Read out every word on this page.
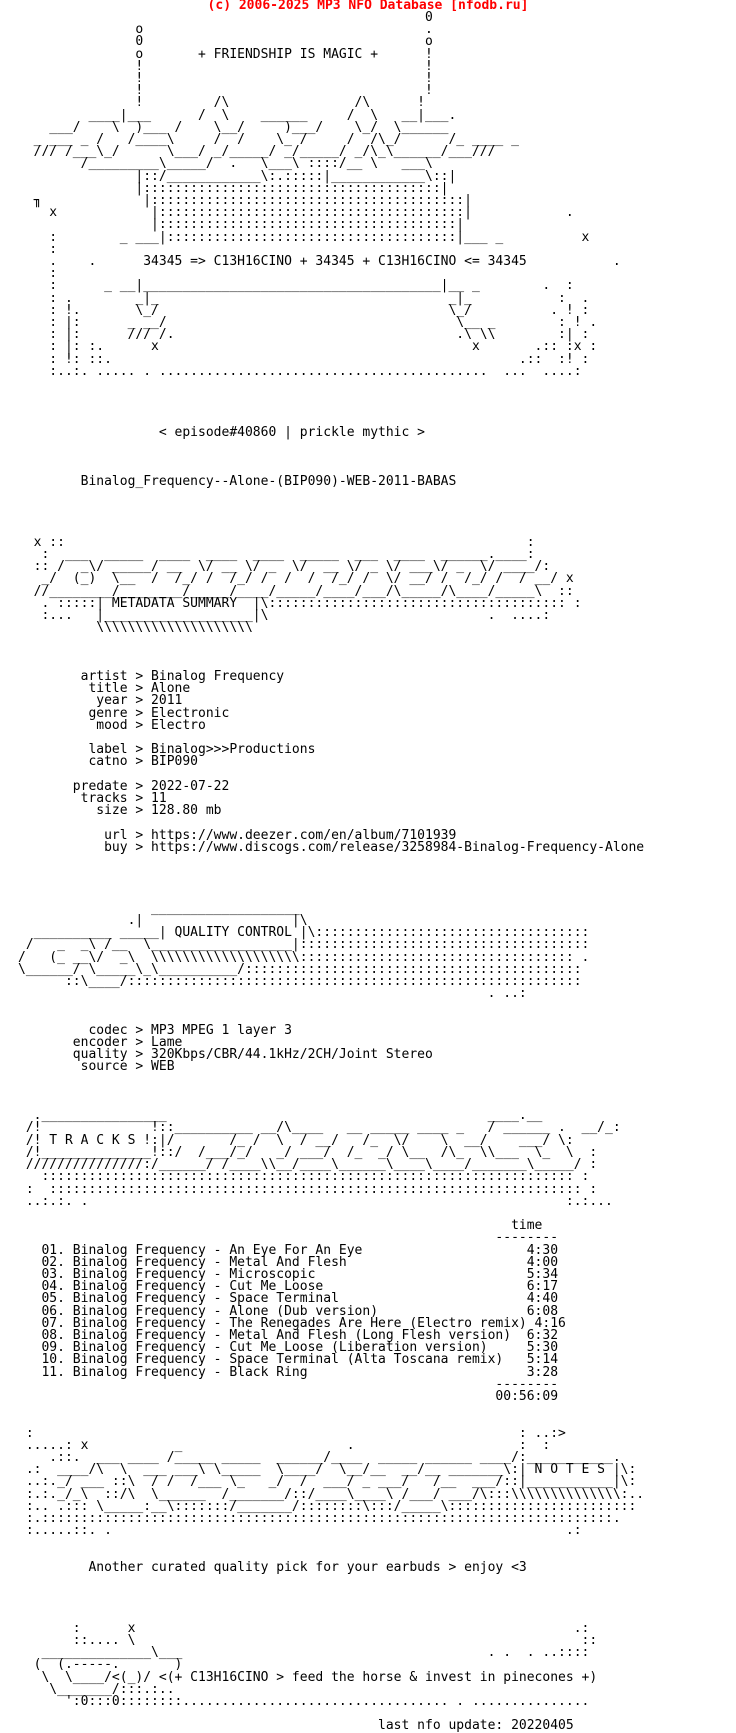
(c) 2006-2025 MP3 NFO Database [nfodb.ru]
0
o                                    .
0                                    o
o       + FRIENDSHIP IS MAGIC +      !
!                                    !
!                                    !
!                                    !
!         /\                /\      !
____|___      /  \    ______     /  \   __|___.
___/    \  )___ /    \__/     )___/    \_/  \______
_ ___ _ /   /____\     /  /    \_ /     /  /\_/      /_ ____ _
/// /___\_/      \___/ _/_____/ _/_____/ _/\_\______/___///
/_________\_____/  .   \___\ ::::/__ \   ___\
|::/____________\:.:::::|____________\::|
|::::::::::::::::::::::::::::::::::::::|
╖             |::::::::::::::::::::::::::::::::::::::::|
x            |:::::::::::::::::::::::::::::::::::::::|            .
|::::::::::::::::::::::::::::::::::::::|
:        _ ___|:::::::::::::::::::::::::::::::::::::|___ _          x
:
.    .      34345 => C13H16CINO + 34345 + C13H16CINO <= 34345           .
:
:      _ __|______________________________________|__ _        .  :
: .        _|_                                     _|_           :  .
: !.       \_/                                     \_/          . ! :
: |:      _ __/                                     \__ _        : ! .
: |:      /// /.                                    .\ \\        :| :
: |: :.      x                                        x       .:: :x :
: !: ::.                                                    .::  :! :
:..:. ..... . ..........................................  ...  ....:

< episode#40860 | prickle mythic >

Binalog_Frequency--Alone-(BIP090)-WEB-2011-BABAS

x ::                                                           :
:  ___  _____  ____  ____  ____  _____  ___  ____  ______.____:
:: /  _\/ _____/ __  \/ __ \/ _  \/  __ \/ _ \/ ___\/ _  \/ ____/:
_/  (_)  \__  /  /_/ /  /_/ /  /  /  /_/ /  \/ __/ /  /_/ /  / __/ x
//________/________/_____/____/_____/____/___/\_____/\____/_____\  ::
. :::::| METADATA SUMMARY  |\:::::::::::::::::::::::::::::::::::::: :
:...   |___________________|\                            .  ....:
\\\\\\\\\\\\\\\\\\\\

artist > Binalog Frequency
title > Alone
year > 2011
genre > Electronic
mood > Electro

label > Binalog>>>Productions
catno > BIP090

predate > 2022-07-22
tracks > 11
size > 128.80 mb

url > https://www.deezer.com/en/album/7101939
buy > https://www.discogs.com/release/3258984-Binalog-Frequency-Alone

___________________
.|                   |\
__________ _____| QUALITY CONTROL |\:::::::::::::::::::::::::::::::::::
/   _  _\ /__  \__________________|:::::::::::::::::::::::::::::::::::::
/   (_ __\/  _\  \\\\\\\\\\\\\\\\\\\::::::::::::::::::::::::::::::::::: .
\______/ \_____\_\__________/:::::::::::::::::::::::::::::::::::::::::::
::\____/::::::::::::::::::::::::::::::::::::::::::::::::::::::::::
. ..:

codec > MP3 MPEG 1 layer 3
encoder > Lame
quality > 320Kbps/CBR/44.1kHz/2CH/Joint Stereo
source > WEB

.________________                                         ____.__
/!              !::__________ __/\____   __ _____ ____ _   / ______ .  __/_:
/! T R A C K S !:|/       /_ /  \  / __/   /_  \/    \  __/    ___/ \:
/!______________!::/  /___/_/   _/ ___/  /_  _/ \__  /\_  \\___  \_  \  :
///////////////:/______/ /____\\__/____\______\____\____/_______\_____/ :
:::::::::::::::::::::::::::::::::::::::::::::::::::::::::::::::::::: :
:  :::::::::::::::::::::::::::::::::::::::::::::::::::::::::::::::::::: :
..:.:. .                                                             :.:...

time
--------
01. Binalog Frequency - An Eye For An Eye                     4:30
02. Binalog Frequency - Metal And Flesh                       4:00
03. Binalog Frequency - Microscopic                           5:34
04. Binalog Frequency - Cut Me Loose                          6:17
05. Binalog Frequency - Space Terminal                        4:40
06. Binalog Frequency - Alone (Dub version)                   6:08
07. Binalog Frequency - The Renegades Are Here (Electro remix) 4:16
08. Binalog Frequency - Metal And Flesh (Long Flesh version)  6:32
09. Binalog Frequency - Cut Me Loose (Liberation version)     5:30
10. Binalog Frequency - Space Terminal (Alta Toscana remix)   5:14
11. Binalog Frequency - Black Ring                            3:28
--------
00:56:09

:                                                              : ..:>
.....: x           _                     .                     :  :
.::.  ___ ____ /_____ _____  ______/____  _____ ______ ____/:___________.
.:  ____/\  \  ___ ___\ \_____  \____/  \__/__  __/__ _______\:| N O T E S |\:
..:._/ ___ ::\  / /  /___ \_   _/  /  ___/ _ ___/   /__  ___/::|___________|\:
:.:._/_\  ::/\  \______  /_______/::/____\____\ /___/ ___/\:::\\\\\\\\\\\\\\:..
:.. .::: \_____:__\:::::::/_______/::::::::\:::/_____\::::::::::::::::::::::::
:.:::::::::::::::::::::::::::::::::::::::::::::::::::::::::::::::::::::::::.
:.....::. .                                                          .:

Another curated quality pick for your earbuds > enjoy <3

:      x                                                        .:
::.... \                                                         ::
______________\___                                       . .  . ..::::
(  (.-----.       )
\  \____/<(_)/ <(+ C13H16CINO > feed the horse & invest in pinecones +)
\_______/:::.:..
':0:::0::::::::.................................. . ...............

last nfo update: 20220405
